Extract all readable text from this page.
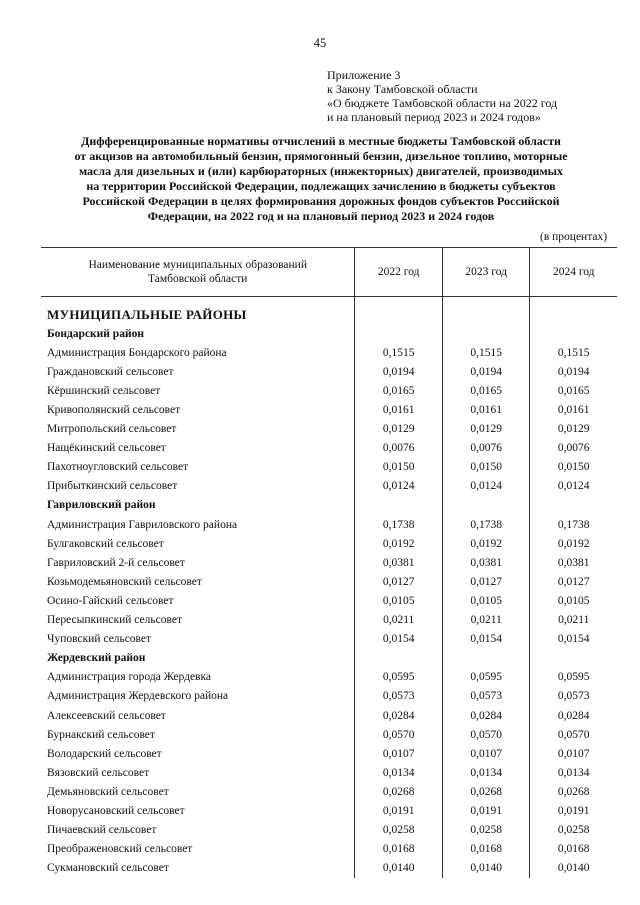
45
Приложение 3
к Закону Тамбовской области
«О бюджете Тамбовской области на 2022 год
и на плановый период 2023 и 2024 годов»
Дифференцированные нормативы отчислений в местные бюджеты Тамбовской области
от акцизов на автомобильный бензин, прямогонный бензин, дизельное топливо, моторные
масла для дизельных и (или) карбюраторных (инжекторных) двигателей, производимых
на территории Российской Федерации, подлежащих зачислению в бюджеты субъектов
Российской Федерации в целях формирования дорожных фондов субъектов Российской
Федерации, на 2022 год и на плановый период 2023 и 2024 годов
(в процентах)
Наименование муниципальных образований
Тамбовской области	2022 год	2023 год	2024 год

МУНИЦИПАЛЬНЫЕ РАЙОНЫ			
Бондарский район			
Администрация Бондарского района	0,1515	0,1515	0,1515
Граждановский сельсовет	0,0194	0,0194	0,0194
Кёршинский сельсовет	0,0165	0,0165	0,0165
Кривополянский сельсовет	0,0161	0,0161	0,0161
Митропольский сельсовет	0,0129	0,0129	0,0129
Нащёкинский сельсовет	0,0076	0,0076	0,0076
Пахотноугловский сельсовет	0,0150	0,0150	0,0150
Прибыткинский сельсовет	0,0124	0,0124	0,0124
Гавриловский район			
Администрация Гавриловского района	0,1738	0,1738	0,1738
Булгаковский сельсовет	0,0192	0,0192	0,0192
Гавриловский 2-й сельсовет	0,0381	0,0381	0,0381
Козьмодемьяновский сельсовет	0,0127	0,0127	0,0127
Осино-Гайский сельсовет	0,0105	0,0105	0,0105
Пересыпкинский сельсовет	0,0211	0,0211	0,0211
Чуповский сельсовет	0,0154	0,0154	0,0154
Жердевский район			
Администрация города Жердевка	0,0595	0,0595	0,0595
Администрация Жердевского района	0,0573	0,0573	0,0573
Алексеевский сельсовет	0,0284	0,0284	0,0284
Бурнакский сельсовет	0,0570	0,0570	0,0570
Володарский сельсовет	0,0107	0,0107	0,0107
Вязовский сельсовет	0,0134	0,0134	0,0134
Демьяновский сельсовет	0,0268	0,0268	0,0268
Новорусановский сельсовет	0,0191	0,0191	0,0191
Пичаевский сельсовет	0,0258	0,0258	0,0258
Преображеновский сельсовет	0,0168	0,0168	0,0168
Сукмановский сельсовет	0,0140	0,0140	0,0140
